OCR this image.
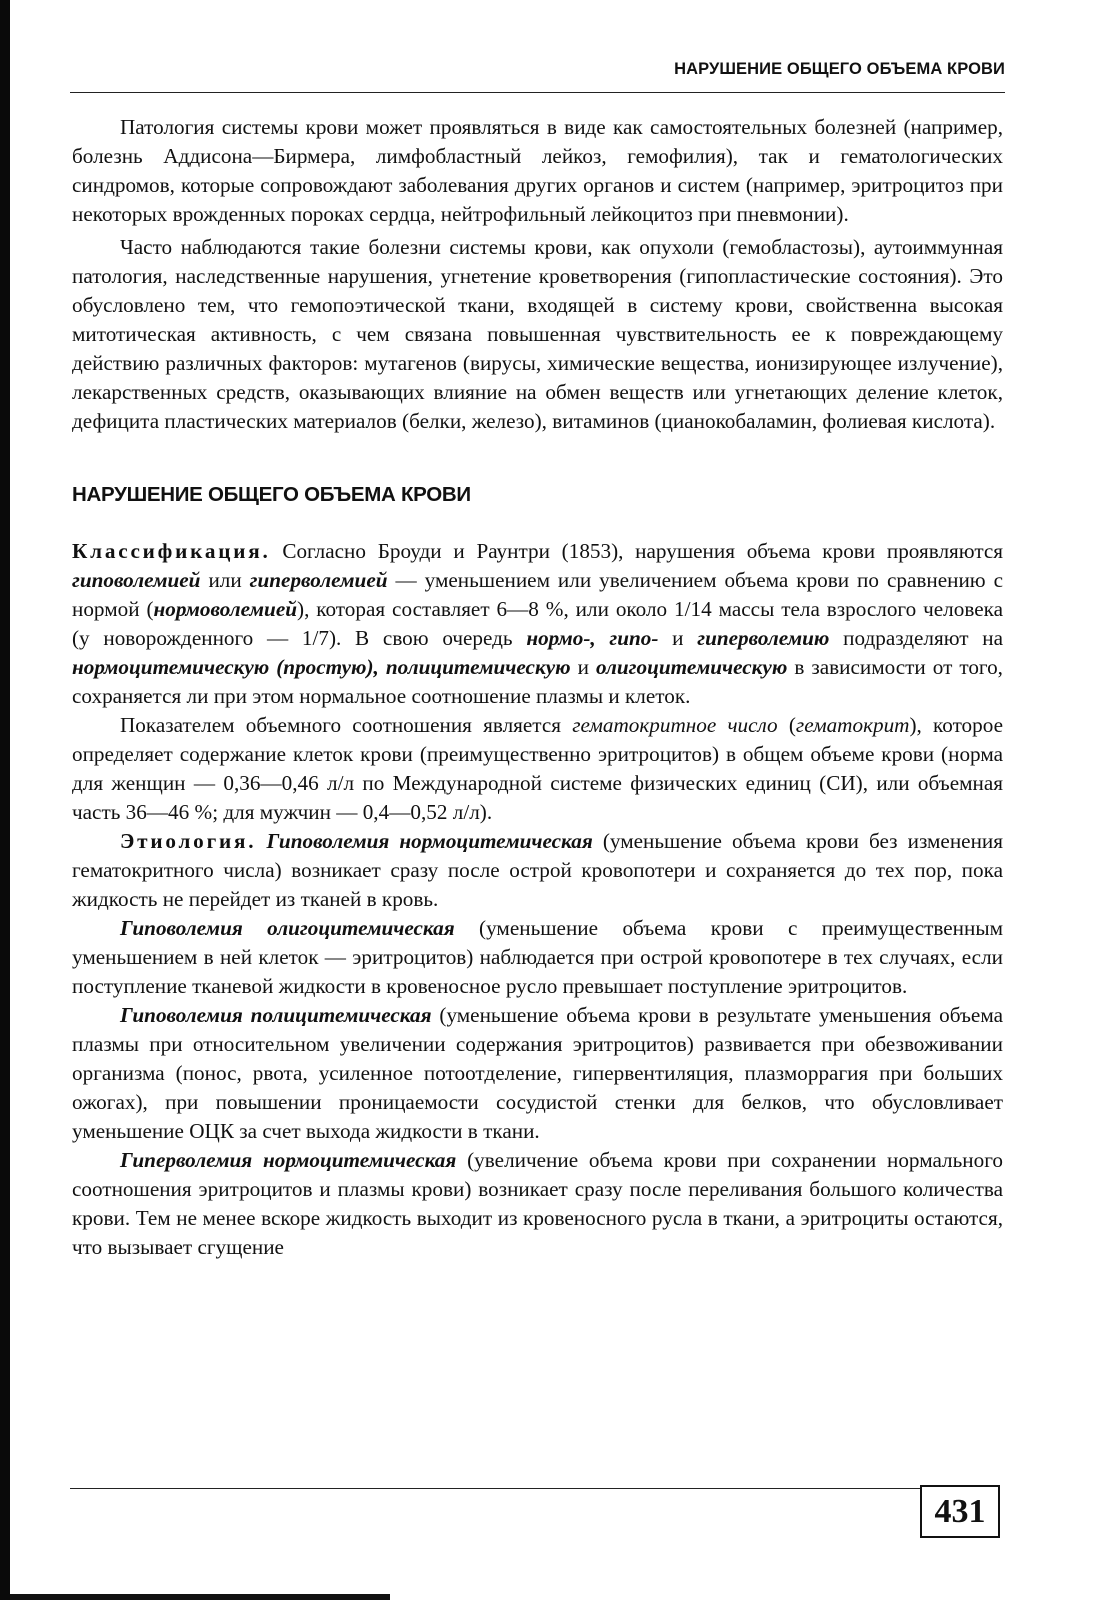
НАРУШЕНИЕ ОБЩЕГО ОБЪЕМА КРОВИ

Патология системы крови может проявляться в виде как самостоятельных болезней (например, болезнь Аддисона—Бирмера, лимфобластный лейкоз, гемофилия), так и гематологических синдромов, которые сопровождают заболевания других органов и систем (например, эритроцитоз при некоторых врожденных пороках сердца, нейтрофильный лейкоцитоз при пневмонии).

Часто наблюдаются такие болезни системы крови, как опухоли (гемобластозы), аутоиммунная патология, наследственные нарушения, угнетение кроветворения (гипопластические состояния). Это обусловлено тем, что гемопоэтической ткани, входящей в систему крови, свойственна высокая митотическая активность, с чем связана повышенная чувствительность ее к повреждающему действию различных факторов: мутагенов (вирусы, химические вещества, ионизирующее излучение), лекарственных средств, оказывающих влияние на обмен веществ или угнетающих деление клеток, дефицита пластических материалов (белки, железо), витаминов (цианокобаламин, фолиевая кислота).

НАРУШЕНИЕ ОБЩЕГО ОБЪЕМА КРОВИ

Классификация. Согласно Броуди и Раунтри (1853), нарушения объема крови проявляются гиповолемией или гиперволемией — уменьшением или увеличением объема крови по сравнению с нормой (нормоволемией), которая составляет 6—8 %, или около 1/14 массы тела взрослого человека (у новорожденного — 1/7). В свою очередь нормо-, гипо- и гиперволемию подразделяют на нормоцитемическую (простую), полицитемическую и олигоцитемическую в зависимости от того, сохраняется ли при этом нормальное соотношение плазмы и клеток.

Показателем объемного соотношения является гематокритное число (гематокрит), которое определяет содержание клеток крови (преимущественно эритроцитов) в общем объеме крови (норма для женщин — 0,36—0,46 л/л по Международной системе физических единиц (СИ), или объемная часть 36—46 %; для мужчин — 0,4—0,52 л/л).

Этиология. Гиповолемия нормоцитемическая (уменьшение объема крови без изменения гематокритного числа) возникает сразу после острой кровопотери и сохраняется до тех пор, пока жидкость не перейдет из тканей в кровь.

Гиповолемия олигоцитемическая (уменьшение объема крови с преимущественным уменьшением в ней клеток — эритроцитов) наблюдается при острой кровопотере в тех случаях, если поступление тканевой жидкости в кровеносное русло превышает поступление эритроцитов.

Гиповолемия полицитемическая (уменьшение объема крови в результате уменьшения объема плазмы при относительном увеличении содержания эритроцитов) развивается при обезвоживании организма (понос, рвота, усиленное потоотделение, гипервентиляция, плазморрагия при больших ожогах), при повышении проницаемости сосудистой стенки для белков, что обусловливает уменьшение ОЦК за счет выхода жидкости в ткани.

Гиперволемия нормоцитемическая (увеличение объема крови при сохранении нормального соотношения эритроцитов и плазмы крови) возникает сразу после переливания большого количества крови. Тем не менее вскоре жидкость выходит из кровеносного русла в ткани, а эритроциты остаются, что вызывает сгущение

431
